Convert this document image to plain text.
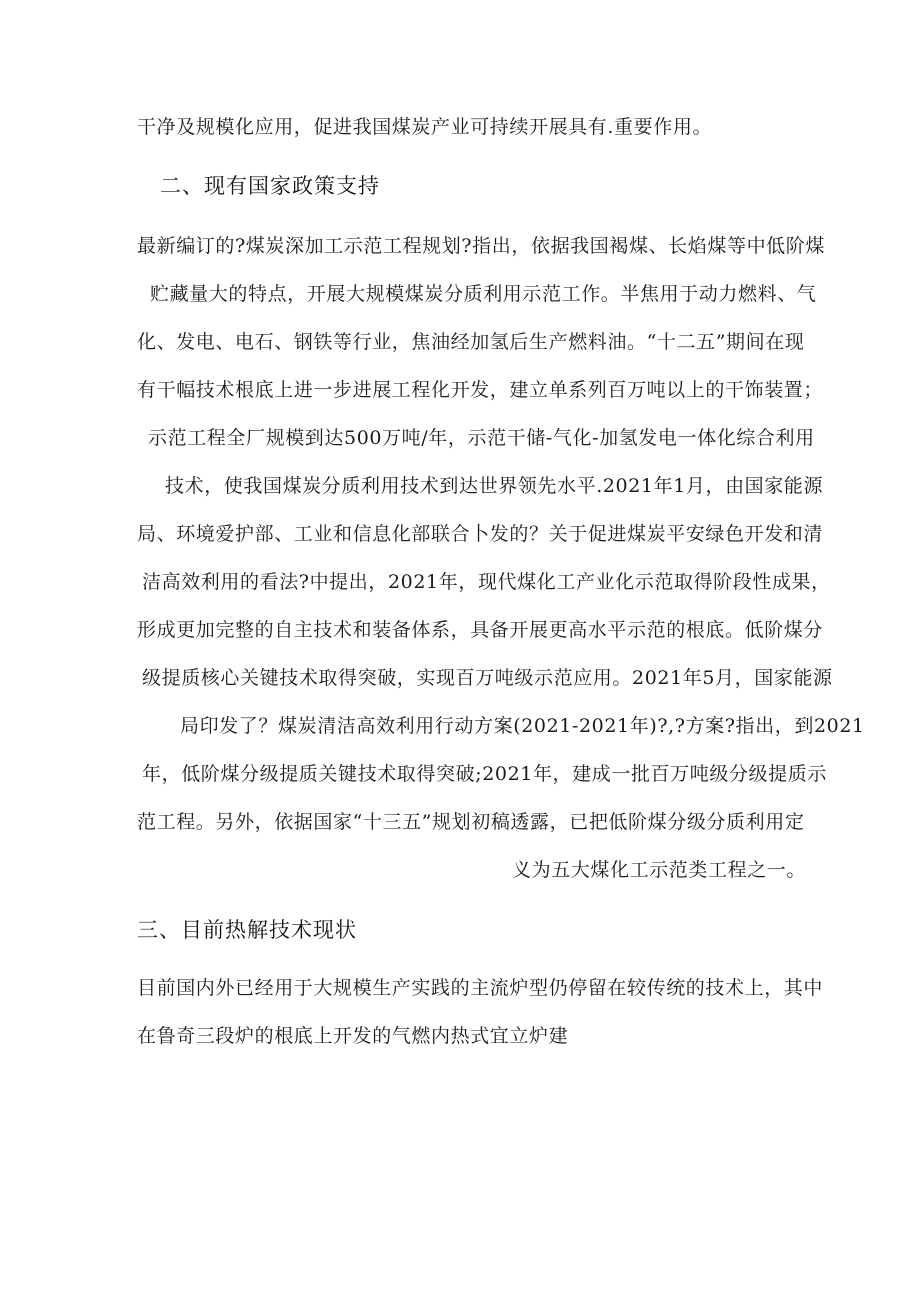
干净及规模化应用，促进我国煤炭产业可持续开展具有.重要作用。
二、现有国家政策支持
最新编订的?煤炭深加工示范工程规划?指出，依据我国褐煤、长焰煤等中低阶煤
贮藏量大的特点，开展大规模煤炭分质利用示范工作。半焦用于动力燃料、气
化、发电、电石、钢铁等行业，焦油经加氢后生产燃料油。“十二五”期间在现
有干幅技术根底上进一步进展工程化开发，建立单系列百万吨以上的干饰装置；
示范工程全厂规模到达500万吨/年，示范干储-气化-加氢发电一体化综合利用
技术，使我国煤炭分质利用技术到达世界领先水平.2021年1月，由国家能源
局、环境爱护部、工业和信息化部联合卜发的？关于促进煤炭平安绿色开发和清
洁高效利用的看法?中提出，2021年，现代煤化工产业化示范取得阶段性成果，
形成更加完整的自主技术和装备体系，具备开展更高水平示范的根底。低阶煤分
级提质核心关键技术取得突破，实现百万吨级示范应用。2021年5月，国家能源
局印发了？煤炭清洁高效利用行动方案(2021-2021年)?,?方案?指出，到2021
年，低阶煤分级提质关键技术取得突破;2021年，建成一批百万吨级分级提质示
范工程。另外，依据国家“十三五”规划初稿透露，已把低阶煤分级分质利用定
义为五大煤化工示范类工程之一。
三、目前热解技术现状
目前国内外已经用于大规模生产实践的主流炉型仍停留在较传统的技术上，其中
在鲁奇三段炉的根底上开发的气燃内热式宜立炉建
